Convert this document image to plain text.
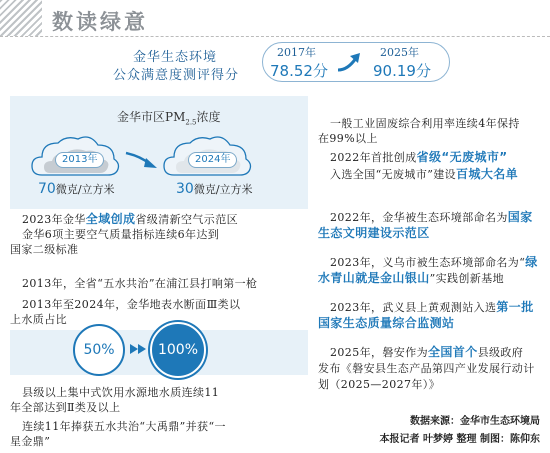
数读绿意
金华生态环境
公众满意度测评得分
2017年
78.52分
2025年
90.19分
金华市区$PM_{2.5}$浓度
2013年
70微克/立方米
2024年
30微克/立方米
2023年金华全域创成省级清新空气示范区
金华6项主要空气质量指标连续6年达到
国家二级标准
2013年，全省“五水共治”在浦江县打响第一枪
2013年至2024年，金华地表水断面Ⅲ类以
上水质占比
50%	100%
县级以上集中式饮用水源地水质连续11
年全部达到Ⅱ类及以上
连续11年捧获五水共治“大禹鼎”并获“一
星金鼎”
一般工业固废综合利用率连续4年保持
在99%以上
2022年首批创成省级“无废城市”
入选全国“无废城市”建设百城大名单
2022年，金华被生态环境部命名为国家
生态文明建设示范区
2023年，义乌市被生态环境部命名为“绿
水青山就是金山银山”实践创新基地
2023年，武义县上黄观测站入选第一批
国家生态质量综合监测站
2025年，磐安作为全国首个县级政府
发布《磐安县生态产品第四产业发展行动计
划（2025—2027年）》
数据来源：金华市生态环境局
本报记者 叶梦婷 整理 制图：陈仰东
